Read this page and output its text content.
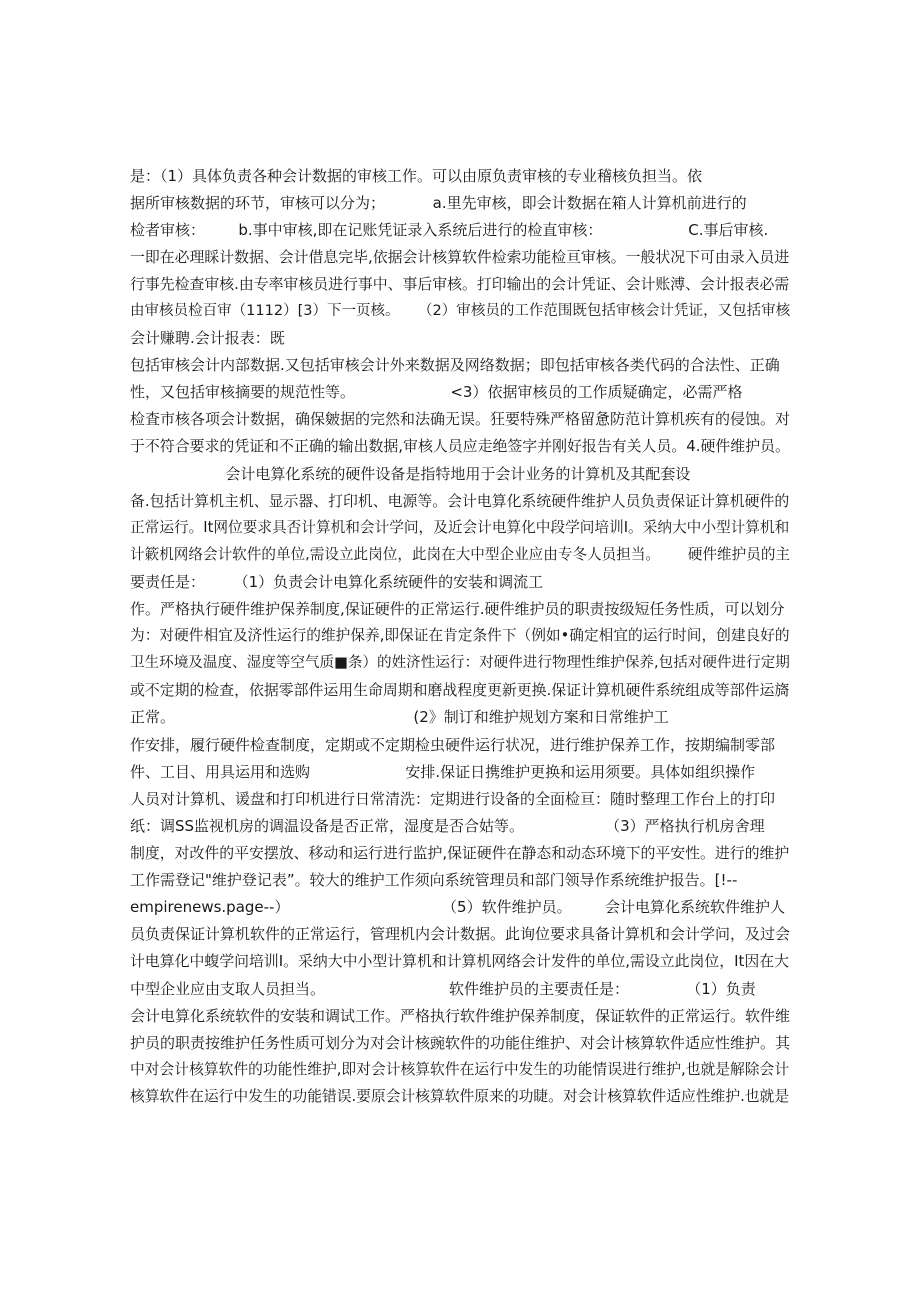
是：（1）具体负责各种会计数据的审核工作。可以由原负责审核的专业稽核负担当。依
据所审核数据的环节，审核可以分为；          a.里先审核，即会计数据在箱人计算机前进行的
检者审核：       b.事中审核,即在记账凭证录入系统后进行的检直审核：                  C.事后审核.
一即在必理睬计数据、会计借息完毕,依据会计核算软件检索功能检亘审核。一般状况下可由录入员进
行事先检查审核.由专率审核员进行事中、事后审核。打印输出的会计凭证、会计账溥、会计报表必需
由审核员检百审（1112）[3）下一页核。    （2）审核员的工作范围既包括审核会计凭证，又包括审核
会计赚聘.会计报表：既
包括审核会计内部数据.又包括审核会计外来数据及网络数据；即包括审核各类代码的合法性、正确
性，又包括审核摘要的规范性等。                    <3）依据审核员的工作质疑确定，必需严格
检査市核各项会计数据，确保皴据的完然和法确无误。狂要特殊严格留惫防范计算机疾有的侵蚀。对
于不符合要求的凭证和不正确的输出数据,审核人员应走绝签字并刚好报告有关人员。4.硬件维护员。
会计电算化系统的硬件设备是指特地用于会计业务的计算机及其配套设
备.包括计算机主机、显示器、打印机、电源等。会计电算化系统硬件维护人员负责保证计算机硬件的
正常运行。It网位要求具否计算机和会计学问，及近会计电算化中段学问培训I。采纳大中小型计算机和
计簌机网络会计软件的单位,需设立此岗位，此岗在大中型企业应由专冬人员担当。      硬件维护员的主
要责任是：      （1）负责会计电算化系统硬件的安装和调流工
作。严格执行硬件维护保养制度,保证硬件的正常运行.硬件维护员的职责按级短任务性质，可以划分
为：对硬件相宜及济性运行的维护保养,即保证在肯定条件下（例如•确定相宜的运行时间，创建良好的
卫生环境及温度、湿度等空气质■条）的姓济性运行：对硬件进行物理性维护保养,包括对硬件进行定期
或不定期的检查，依据零部件运用生命周期和磨战程度更新更换.保证计算机硬件系统组成等部件运旖
正常。                                                  (2》制订和维护规划方案和日常维护工
作安排，履行硬件检查制度，定期或不定期检虫硬件运行状况，进行维护保养工作，按期编制零部
件、工目、用具运用和选购                    安排.保证日携维护更换和运用须要。具体如组织操作
人员对计算机、谖盘和打印机进行日常清洗：定期进行设备的全面检亘：随时整理工作台上的打印
纸：调SS监视机房的调温设备是否正常，湿度是否合姑等。                 （3）严格执行机房舍理
制度，对改件的平安摆放、移动和运行进行监护,保证硬件在静态和动态环境下的平安性。进行的维护
工作需登记"维护登记表”。较大的维护工作须向系统管理员和部门领导作系统维护报告。[!--
empirenews.page--）                                （5）软件维护员。       会计电算化系统软件维护人
员负责保证计算机软件的正常运行，管理机内会计数据。此询位要求具备计算机和会计学问，及过会
计电算化中蝮学问培训I。采纳大中小型计算机和计算机网络会计发件的单位,需设立此岗位，It因在大
中型企业应由支取人员担当。                          软件维护员的主要责任是：            （1）负责
会计电算化系统软件的安装和调试工作。严格执行软件维护保养制度，保证软件的正常运行。软件维
护员的职责按维护任务性质可划分为对会计核豌软件的功能住维护、对会计核算软件适应性维护。其
中对会计核算软件的功能性维护,即对会计核算软件在运行中发生的功能情误进行维护,也就是解除会计
核算软件在运行中发生的功能错误.要原会计核算软件原来的功睫。对会计核算软件适应性维护.也就是
